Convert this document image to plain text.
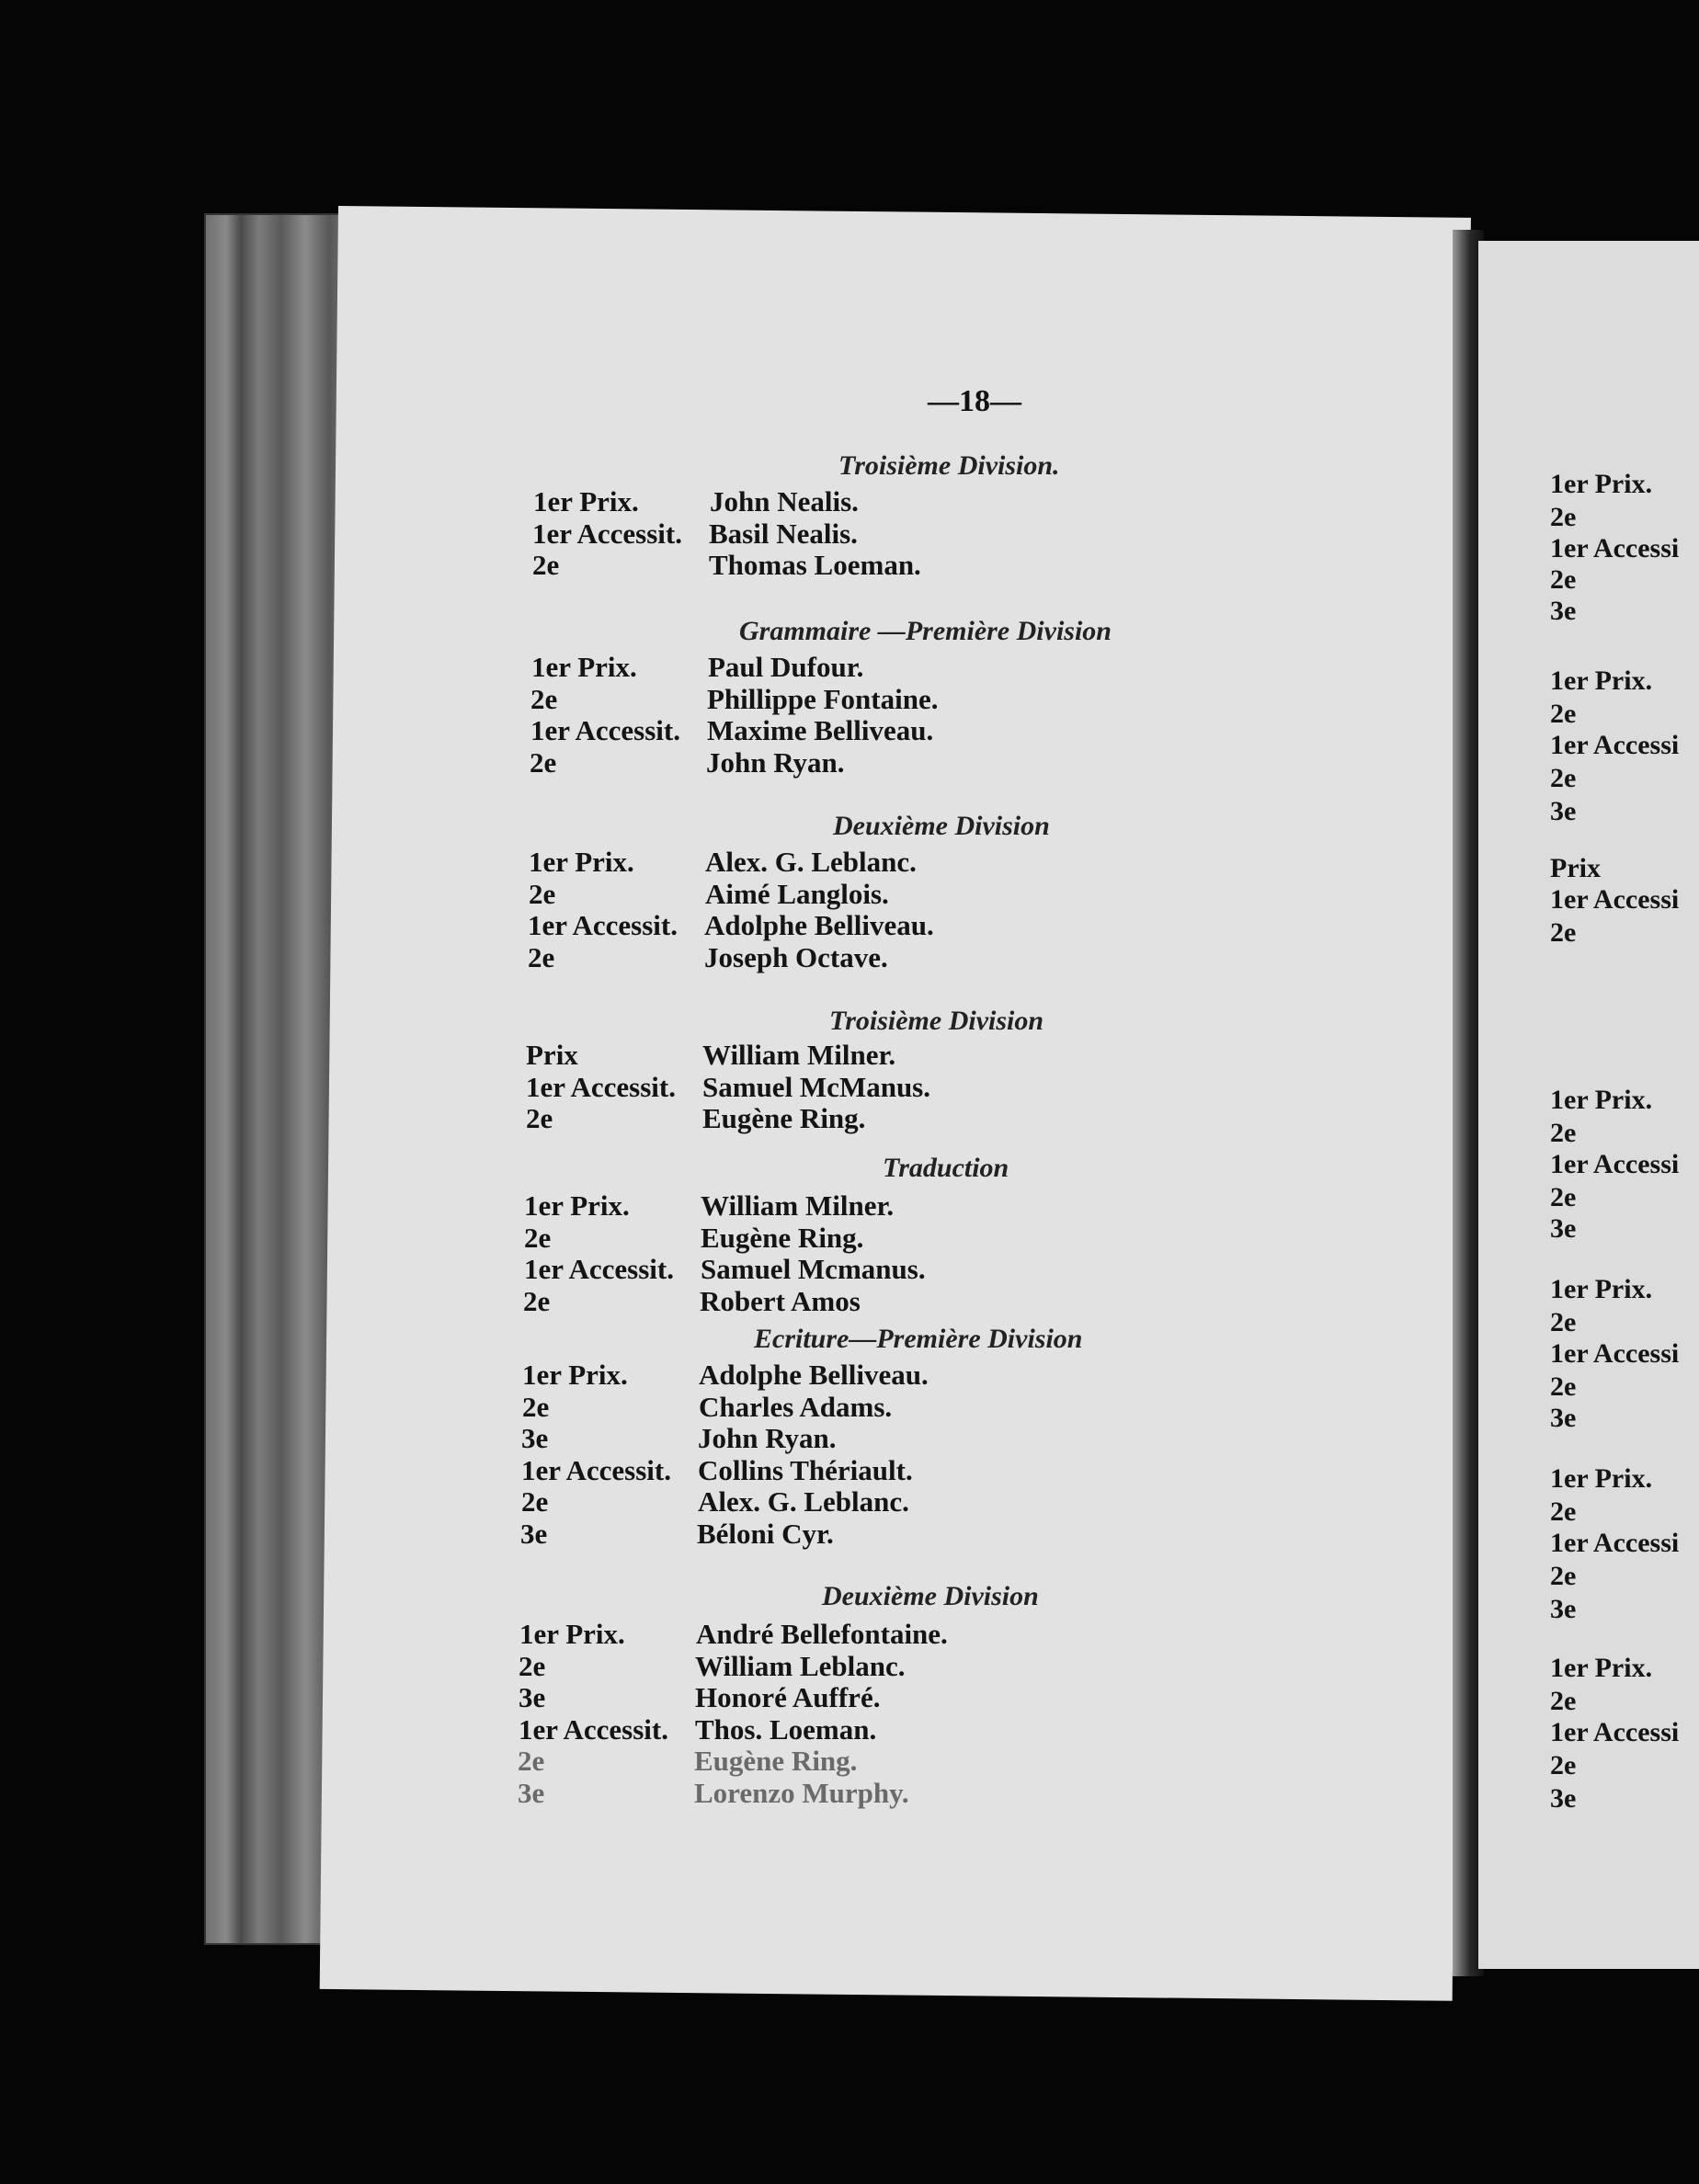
—18—
Troisième Division.
1er Prix. John Nealis.
1er Accessit. Basil Nealis.
2e	Thomas Loeman.
Grammaire —Première Division
1er Prix. Paul Dufour.
2e	Phillippe Fontaine.
1er Accessit. Maxime Belliveau.
2e	John Ryan.
Deuxième Division
1er Prix. Alex. G. Leblanc.
2e	Aimé Langlois.
1er Accessit. Adolphe Belliveau.
2e	Joseph Octave.
Troisième Division
Prix	William Milner.
1er Accessit. Samuel McManus.
2e	Eugène Ring.
Traduction
1er Prix. William Milner.
2e	Eugène Ring.
1er Accessit. Samuel Mcmanus.
2e	Robert Amos
Ecriture—Première Division
1er Prix. Adolphe Belliveau.
2e	Charles Adams.
3e	John Ryan.
1er Accessit. Collins Thériault.
2e	Alex. G. Leblanc.
3e	Béloni Cyr.
Deuxième Division
1er Prix. André Bellefontaine.
2e	William Leblanc.
3e	Honoré Auffré.
1er Accessit. Thos. Loeman.
2e	Eugène Ring.
3e	Lorenzo Murphy.
1er Prix.
2e
1er Accessi
2e
3e
1er Prix.
2e
1er Accessi
2e
3e
Prix
1er Accessi
2e
1er Prix.
2e
1er Accessi
2e
3e
1er Prix.
2e
1er Accessi
2e
3e
1er Prix.
2e
1er Accessi
2e
3e
1er Prix.
2e
1er Accessi
2e
3e
